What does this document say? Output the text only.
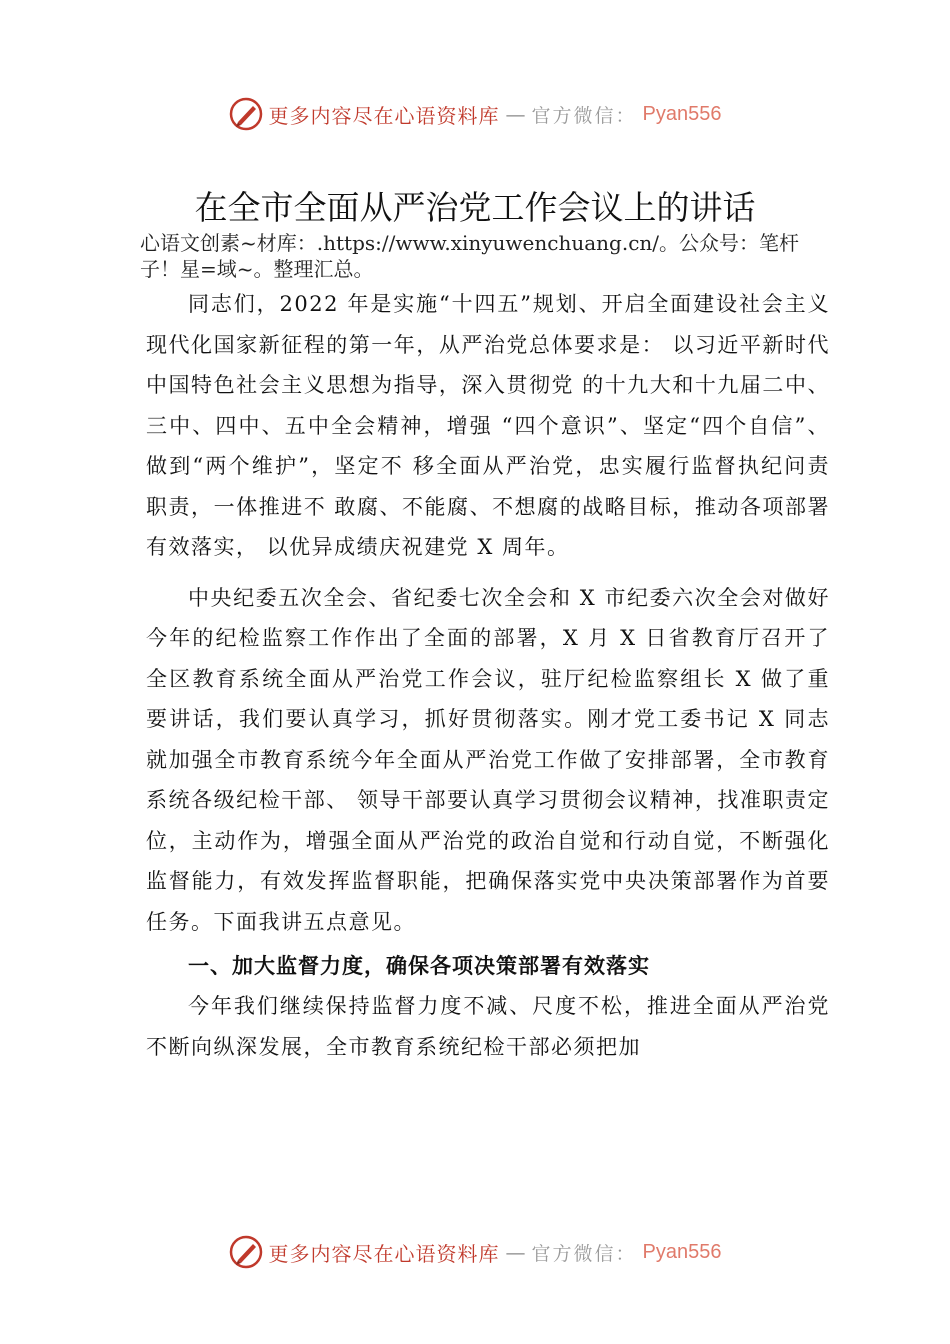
更多内容尽在心语资料库 — 官方微信： Pyan556
在全市全面从严治党工作会议上的讲话
心语文创素~材库：.https://www.xinyuwenchuang.cn/。公众号：笔杆子！星=域~。整理汇总。

同志们，2022 年是实施“十四五”规划、开启全面建设社会主义现代化国家新征程的第一年，从严治党总体要求是： 以习近平新时代中国特色社会主义思想为指导，深入贯彻党 的十九大和十九届二中、三中、四中、五中全会精神，增强 “四个意识”、坚定“四个自信”、做到“两个维护”，坚定不 移全面从严治党，忠实履行监督执纪问责职责，一体推进不 敢腐、不能腐、不想腐的战略目标，推动各项部署有效落实， 以优异成绩庆祝建党 X 周年。

中央纪委五次全会、省纪委七次全会和 X 市纪委六次全会对做好今年的纪检监察工作作出了全面的部署，X 月 X 日省教育厅召开了全区教育系统全面从严治党工作会议，驻厅纪检监察组长 X 做了重要讲话，我们要认真学习，抓好贯彻落实。刚才党工委书记 X 同志就加强全市教育系统今年全面从严治党工作做了安排部署，全市教育系统各级纪检干部、 领导干部要认真学习贯彻会议精神，找准职责定位，主动作为，增强全面从严治党的政治自觉和行动自觉，不断强化监督能力，有效发挥监督职能，把确保落实党中央决策部署作为首要任务。下面我讲五点意见。

一、加大监督力度，确保各项决策部署有效落实

今年我们继续保持监督力度不减、尺度不松，推进全面从严治党不断向纵深发展，全市教育系统纪检干部必须把加

更多内容尽在心语资料库 — 官方微信： Pyan556
